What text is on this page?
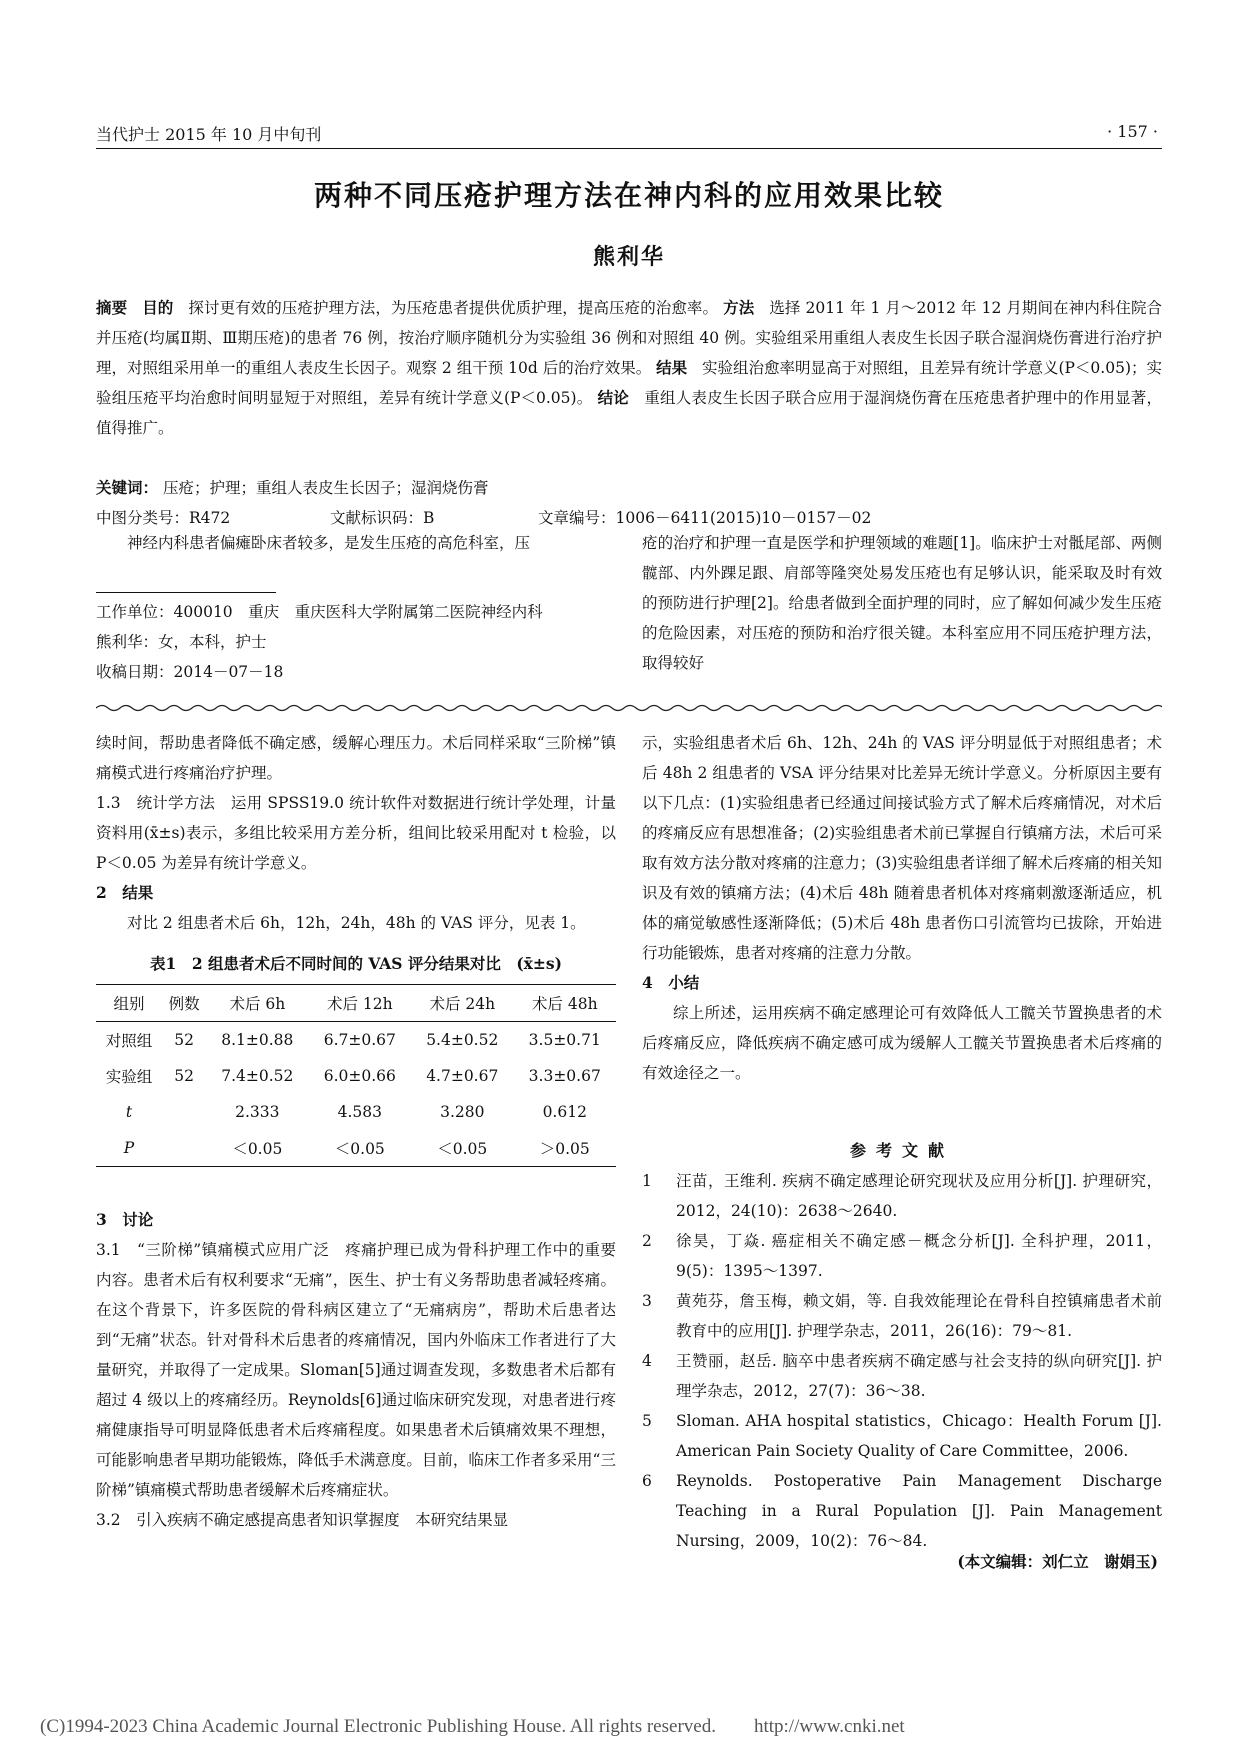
当代护士 2015 年 10 月中旬刊	· 157 ·
两种不同压疮护理方法在神内科的应用效果比较
熊利华
摘要 目的 探讨更有效的压疮护理方法，为压疮患者提供优质护理，提高压疮的治愈率。 方法 选择 2011 年 1 月～2012 年 12 月期间在神内科住院合并压疮(均属Ⅱ期、Ⅲ期压疮)的患者 76 例，按治疗顺序随机分为实验组 36 例和对照组 40 例。实验组采用重组人表皮生长因子联合湿润烧伤膏进行治疗护理，对照组采用单一的重组人表皮生长因子。观察 2 组干预 10d 后的治疗效果。 结果 实验组治愈率明显高于对照组，且差异有统计学意义(P＜0.05)；实验组压疮平均治愈时间明显短于对照组，差异有统计学意义(P＜0.05)。 结论 重组人表皮生长因子联合应用于湿润烧伤膏在压疮患者护理中的作用显著，值得推广。
关键词： 压疮；护理；重组人表皮生长因子；湿润烧伤膏
中图分类号：R472	文献标识码：B	文章编号：1006－6411(2015)10－0157－02

神经内科患者偏瘫卧床者较多，是发生压疮的高危科室，压	疮的治疗和护理一直是医学和护理领域的难题[1]。临床护士对骶尾部、两侧髋部、内外踝足跟、肩部等隆突处易发压疮也有足够认识，能采取及时有效的预防进行护理[2]。给患者做到全面护理的同时，应了解如何减少发生压疮的危险因素，对压疮的预防和治疗很关键。本科室应用不同压疮护理方法，取得较好

工作单位：400010　重庆　重庆医科大学附属第二医院神经内科
熊利华：女，本科，护士
收稿日期：2014－07－18

续时间，帮助患者降低不确定感，缓解心理压力。术后同样采取“三阶梯”镇痛模式进行疼痛治疗护理。

1.3　统计学方法　运用 SPSS19.0 统计软件对数据进行统计学处理，计量资料用(x̄±s)表示，多组比较采用方差分析，组间比较采用配对 t 检验，以 P＜0.05 为差异有统计学意义。

2　结果

对比 2 组患者术后 6h，12h，24h，48h 的 VAS 评分，见表 1。

表1　2 组患者术后不同时间的 VAS 评分结果对比　(x̄±s)
组别	例数	术后 6h	术后 12h	术后 24h	术后 48h
对照组	52	8.1±0.88	6.7±0.67	5.4±0.52	3.5±0.71
实验组	52	7.4±0.52	6.0±0.66	4.7±0.67	3.3±0.67
t		2.333	4.583	3.280	0.612
P		＜0.05	＜0.05	＜0.05	＞0.05

3　讨论

3.1　“三阶梯”镇痛模式应用广泛　疼痛护理已成为骨科护理工作中的重要内容。患者术后有权利要求“无痛”，医生、护士有义务帮助患者减轻疼痛。在这个背景下，许多医院的骨科病区建立了“无痛病房”，帮助术后患者达到“无痛”状态。针对骨科术后患者的疼痛情况，国内外临床工作者进行了大量研究，并取得了一定成果。Sloman[5]通过调查发现，多数患者术后都有超过 4 级以上的疼痛经历。Reynolds[6]通过临床研究发现，对患者进行疼痛健康指导可明显降低患者术后疼痛程度。如果患者术后镇痛效果不理想，可能影响患者早期功能锻炼，降低手术满意度。目前，临床工作者多采用“三阶梯”镇痛模式帮助患者缓解术后疼痛症状。

3.2　引入疾病不确定感提高患者知识掌握度　本研究结果显

示，实验组患者术后 6h、12h、24h 的 VAS 评分明显低于对照组患者；术后 48h 2 组患者的 VSA 评分结果对比差异无统计学意义。分析原因主要有以下几点：(1)实验组患者已经通过间接试验方式了解术后疼痛情况，对术后的疼痛反应有思想准备；(2)实验组患者术前已掌握自行镇痛方法，术后可采取有效方法分散对疼痛的注意力；(3)实验组患者详细了解术后疼痛的相关知识及有效的镇痛方法；(4)术后 48h 随着患者机体对疼痛刺激逐渐适应，机体的痛觉敏感性逐渐降低；(5)术后 48h 患者伤口引流管均已拔除，开始进行功能锻炼，患者对疼痛的注意力分散。

4　小结

综上所述，运用疾病不确定感理论可有效降低人工髋关节置换患者的术后疼痛反应，降低疾病不确定感可成为缓解人工髋关节置换患者术后疼痛的有效途径之一。

参考文献
1 汪苗，王维利. 疾病不确定感理论研究现状及应用分析[J]. 护理研究，2012，24(10)：2638～2640.
2 徐昊，丁焱. 癌症相关不确定感－概念分析[J]. 全科护理，2011，9(5)：1395～1397.
3 黄苑芬，詹玉梅，赖文娟，等. 自我效能理论在骨科自控镇痛患者术前教育中的应用[J]. 护理学杂志，2011，26(16)：79～81.
4 王赞丽，赵岳. 脑卒中患者疾病不确定感与社会支持的纵向研究[J]. 护理学杂志，2012，27(7)：36～38.
5 Sloman. AHA hospital statistics，Chicago：Health Forum [J]. American Pain Society Quality of Care Committee，2006.
6 Reynolds. Postoperative Pain Management Discharge Teaching in a Rural Population [J]. Pain Management Nursing，2009，10(2)：76～84.
(本文编辑：刘仁立　谢娟玉)
(C)1994-2023 China Academic Journal Electronic Publishing House. All rights reserved.　　http://www.cnki.net
